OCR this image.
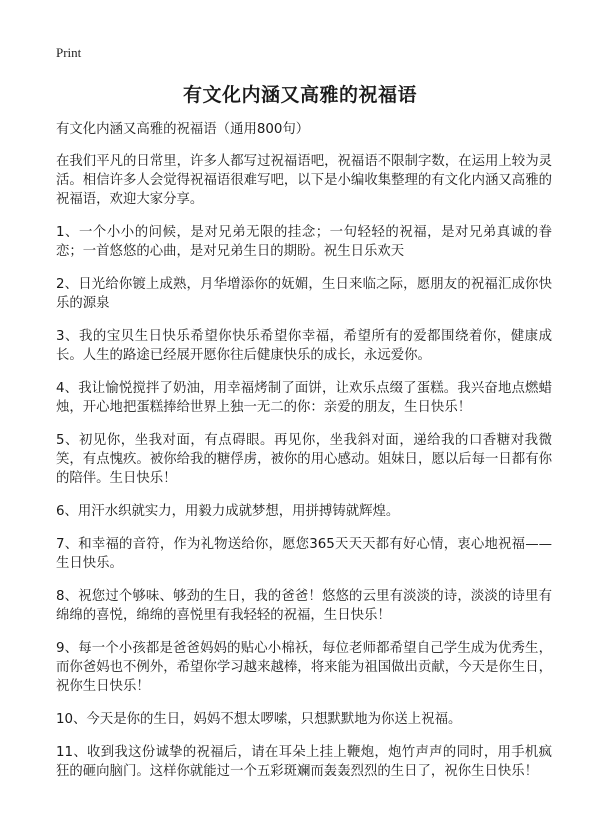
Print
有文化内涵又高雅的祝福语

有文化内涵又高雅的祝福语（通用800句）

在我们平凡的日常里，许多人都写过祝福语吧，祝福语不限制字数，在运用上较为灵活。相信许多人会觉得祝福语很难写吧，以下是小编收集整理的有文化内涵又高雅的祝福语，欢迎大家分享。

1、一个小小的问候，是对兄弟无限的挂念；一句轻轻的祝福，是对兄弟真诚的眷恋；一首悠悠的心曲，是对兄弟生日的期盼。祝生日乐欢天

2、日光给你镀上成熟，月华增添你的妩媚，生日来临之际，愿朋友的祝福汇成你快乐的源泉

3、我的宝贝生日快乐希望你快乐希望你幸福，希望所有的爱都围绕着你，健康成长。人生的路途已经展开愿你往后健康快乐的成长，永远爱你。

4、我让愉悦搅拌了奶油，用幸福烤制了面饼，让欢乐点缀了蛋糕。我兴奋地点燃蜡烛，开心地把蛋糕捧给世界上独一无二的你：亲爱的朋友，生日快乐！

5、初见你，坐我对面，有点碍眼。再见你，坐我斜对面，递给我的口香糖对我微笑，有点愧疚。被你给我的糖俘虏，被你的用心感动。姐妹日，愿以后每一日都有你的陪伴。生日快乐！

6、用汗水织就实力，用毅力成就梦想，用拼搏铸就辉煌。

7、和幸福的音符，作为礼物送给你，愿您365天天天都有好心情，衷心地祝福——生日快乐。

8、祝您过个够味、够劲的生日，我的爸爸！悠悠的云里有淡淡的诗，淡淡的诗里有绵绵的喜悦，绵绵的喜悦里有我轻轻的祝福，生日快乐！

9、每一个小孩都是爸爸妈妈的贴心小棉袄，每位老师都希望自己学生成为优秀生，而你爸妈也不例外，希望你学习越来越棒，将来能为祖国做出贡献，今天是你生日，祝你生日快乐！

10、今天是你的生日，妈妈不想太啰嗦，只想默默地为你送上祝福。

11、收到我这份诚挚的祝福后，请在耳朵上挂上鞭炮，炮竹声声的同时，用手机疯狂的砸向脑门。这样你就能过一个五彩斑斓而轰轰烈烈的生日了，祝你生日快乐！
